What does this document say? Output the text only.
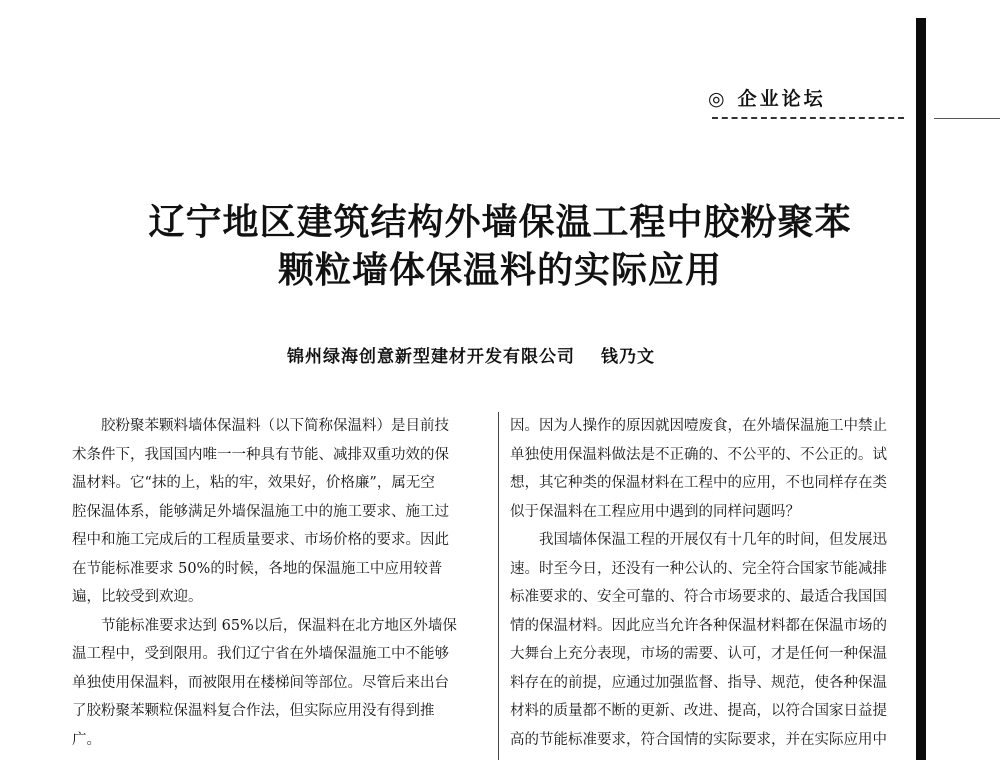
◎ 企业论坛
辽宁地区建筑结构外墙保温工程中胶粉聚苯
颗粒墙体保温料的实际应用
锦州绿海创意新型建材开发有限公司 钱乃文
胶粉聚苯颗料墙体保温料（以下简称保温料）是目前技
术条件下，我国国内唯一一种具有节能、减排双重功效的保
温材料。它“抹的上，粘的牢，效果好，价格廉”，属无空
腔保温体系，能够满足外墙保温施工中的施工要求、施工过
程中和施工完成后的工程质量要求、市场价格的要求。因此
在节能标准要求 50%的时候，各地的保温施工中应用较普
遍，比较受到欢迎。
节能标准要求达到 65%以后，保温料在北方地区外墙保
温工程中，受到限用。我们辽宁省在外墙保温施工中不能够
单独使用保温料，而被限用在楼梯间等部位。尽管后来出台
了胶粉聚苯颗粒保温料复合作法，但实际应用没有得到推
广。
因。因为人操作的原因就因噎废食，在外墙保温施工中禁止
单独使用保温料做法是不正确的、不公平的、不公正的。试
想，其它种类的保温材料在工程中的应用，不也同样存在类
似于保温料在工程应用中遇到的同样问题吗？
我国墙体保温工程的开展仅有十几年的时间，但发展迅
速。时至今日，还没有一种公认的、完全符合国家节能减排
标准要求的、安全可靠的、符合市场要求的、最适合我国国
情的保温材料。因此应当允许各种保温材料都在保温市场的
大舞台上充分表现，市场的需要、认可，才是任何一种保温
料存在的前提，应通过加强监督、指导、规范，使各种保温
材料的质量都不断的更新、改进、提高，以符合国家日益提
高的节能标准要求，符合国情的实际要求，并在实际应用中
